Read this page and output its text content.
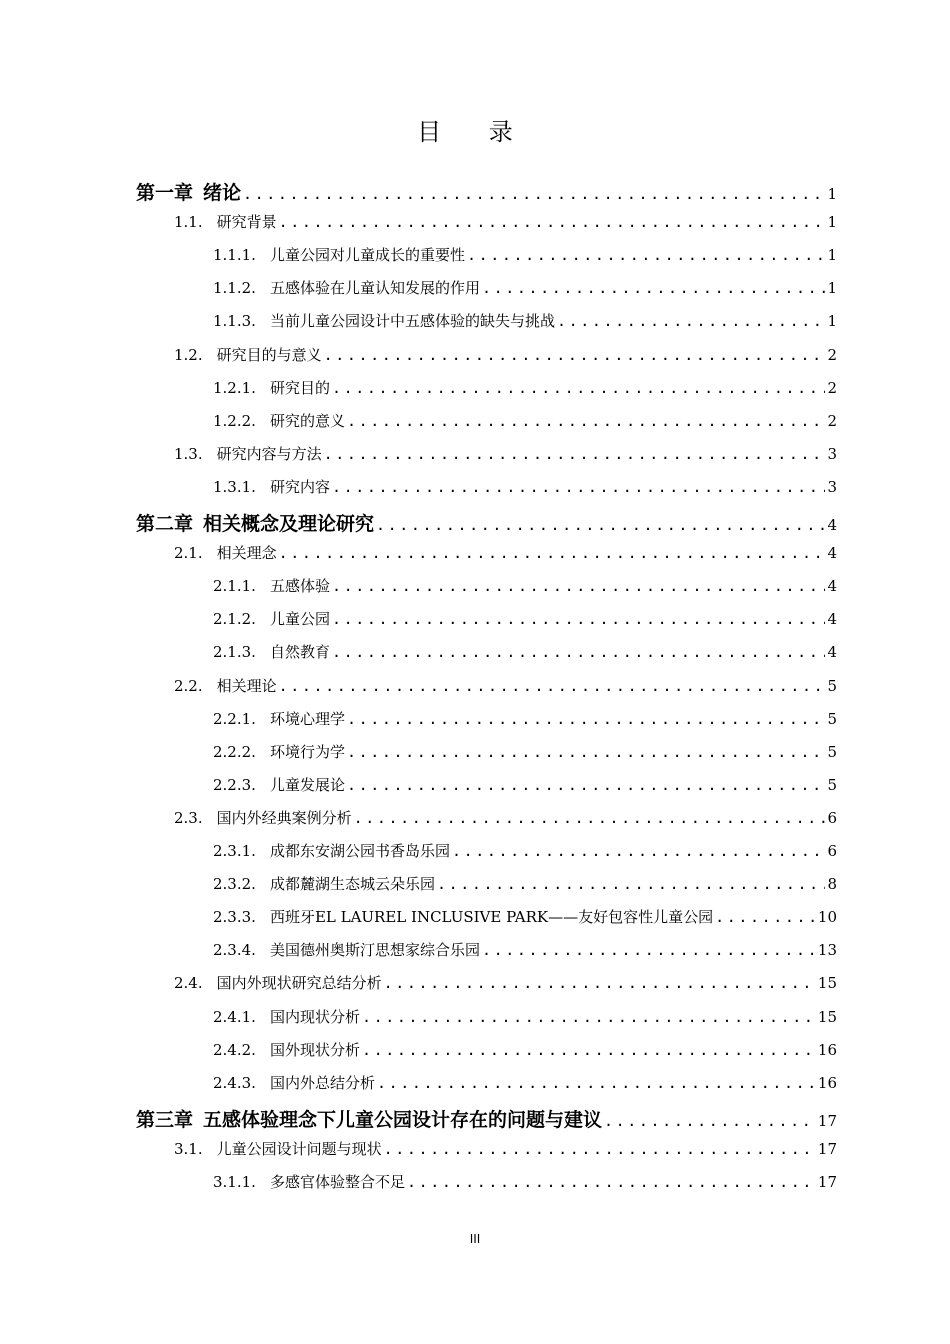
目 录
第一章 绪论 .....	1
1.1. 研究背景 .....	1
1.1.1. 儿童公园对儿童成长的重要性 .....	1
1.1.2. 五感体验在儿童认知发展的作用 .....	1
1.1.3. 当前儿童公园设计中五感体验的缺失与挑战 .....	1
1.2. 研究目的与意义 .....	2
1.2.1. 研究目的 .....	2
1.2.2. 研究的意义 .....	2
1.3. 研究内容与方法 .....	3
1.3.1. 研究内容 .....	3
第二章 相关概念及理论研究 .....	4
2.1. 相关理念 .....	4
2.1.1. 五感体验 .....	4
2.1.2. 儿童公园 .....	4
2.1.3. 自然教育 .....	4
2.2. 相关理论 .....	5
2.2.1. 环境心理学 .....	5
2.2.2. 环境行为学 .....	5
2.2.3. 儿童发展论 .....	5
2.3. 国内外经典案例分析 .....	6
2.3.1. 成都东安湖公园书香岛乐园 .....	6
2.3.2. 成都麓湖生态城云朵乐园 .....	8
2.3.3. 西班牙EL LAUREL INCLUSIVE PARK——友好包容性儿童公园 .....	10
2.3.4. 美国德州奥斯汀思想家综合乐园 .....	13
2.4. 国内外现状研究总结分析 .....	15
2.4.1. 国内现状分析 .....	15
2.4.2. 国外现状分析 .....	16
2.4.3. 国内外总结分析 .....	16
第三章 五感体验理念下儿童公园设计存在的问题与建议 .....	17
3.1. 儿童公园设计问题与现状 .....	17
3.1.1. 多感官体验整合不足 .....	17
III
